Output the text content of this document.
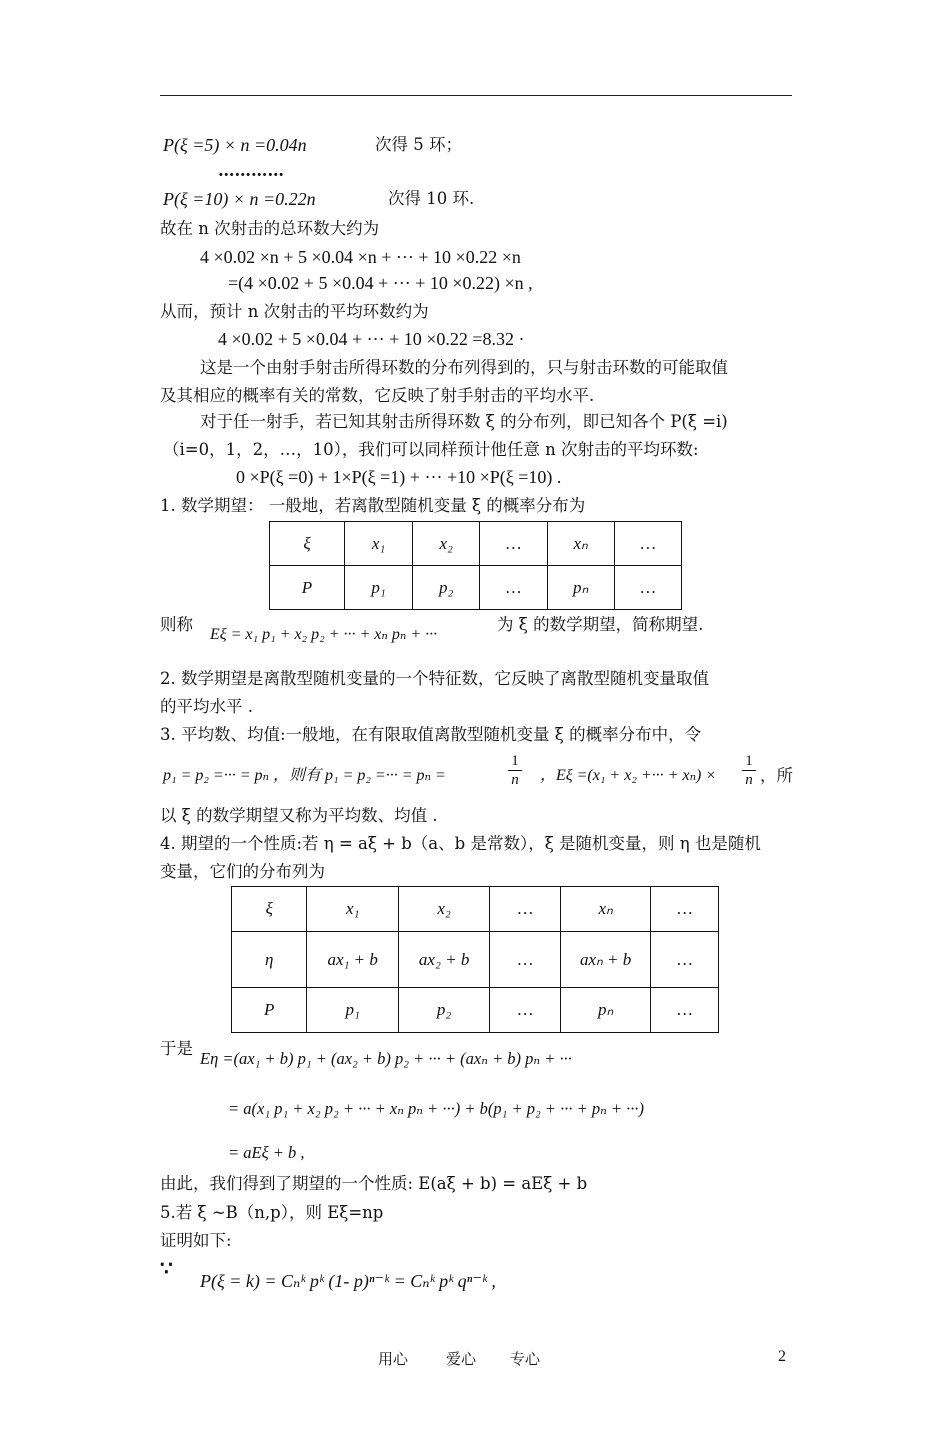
P(ξ =5) × n =0.04n	次得 5 环；
…………
P(ξ =10) × n =0.22n	次得 10 环.
故在 n 次射击的总环数大约为
4 ×0.02 ×n + 5 ×0.04 ×n + ··· + 10 ×0.22 ×n
=(4 ×0.02 + 5 ×0.04 + ··· + 10 ×0.22) ×n ,
从而，预计 n 次射击的平均环数约为
4 ×0.02 + 5 ×0.04 + ··· + 10 ×0.22 =8.32 ·
这是一个由射手射击所得环数的分布列得到的，只与射击环数的可能取值
及其相应的概率有关的常数，它反映了射手射击的平均水平.
对于任一射手，若已知其射击所得环数 ξ 的分布列，即已知各个 P(ξ =i)
（i=0，1，2，…，10），我们可以同样预计他任意 n 次射击的平均环数:
0 ×P(ξ =0) + 1×P(ξ =1) + ··· +10 ×P(ξ =10) .
1. 数学期望： 一般地，若离散型随机变量 ξ 的概率分布为
ξ	x₁	x₂	…	xₙ	…
P	p₁	p₂	…	pₙ	…
则称
Eξ = x₁ p₁ + x₂ p₂ + ··· + xₙ pₙ + ···
为 ξ 的数学期望，简称期望.
2. 数学期望是离散型随机变量的一个特征数，它反映了离散型随机变量取值
的平均水平 .
3. 平均数、均值:一般地，在有限取值离散型随机变量 ξ 的概率分布中，令
p₁ = p₂ =··· = pₙ ，则有 p₁ = p₂ =··· = pₙ =	$\frac{1}{n}$ ，Eξ =(x₁ + x₂ +··· + $x_n) \times \frac{1}{n}$ ，所
以 ξ 的数学期望又称为平均数、均值 .
4. 期望的一个性质:若 η = aξ + b（a、b 是常数），ξ 是随机变量，则 η 也是随机
变量，它们的分布列为
ξ	x₁	x₂	…	xₙ	…
η	ax₁ + b	ax₂ + b	…	axₙ + b	…
P	p₁	p₂	…	pₙ	…
于是
Eη =(ax₁ + b) p₁ + (ax₂ + b) p₂ + ··· + (axₙ + b) pₙ + ···
= a(x₁ p₁ + x₂ p₂ + ··· + xₙ pₙ + ···) + b(p₁ + p₂ + ··· + pₙ + ···)
= aEξ + b ,
由此，我们得到了期望的一个性质: E(aξ + b) = aEξ + b
5.若 ξ ~B（n,p），则 Eξ=np
证明如下:
∵
P(ξ = k) = Cₙᵏ pᵏ (1- p)ⁿ⁻ᵏ = Cₙᵏ pᵏ qⁿ⁻ᵏ ,
用心	爱心 专心	2
